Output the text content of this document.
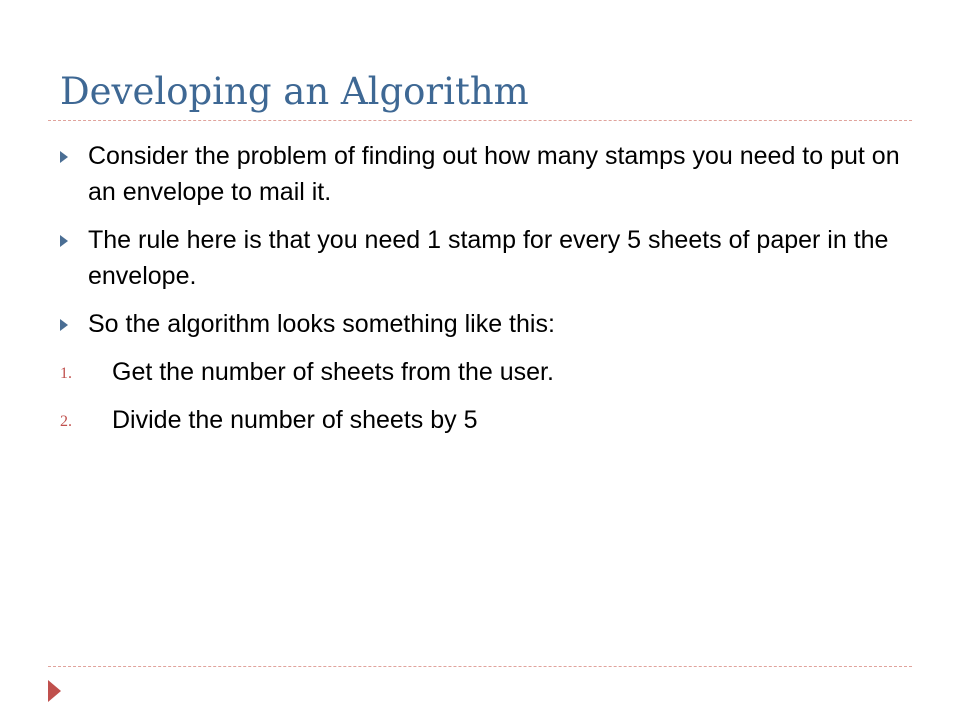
Developing an Algorithm
Consider the problem of finding out how many stamps you need to put on an envelope to mail it.
The rule here is that you need 1 stamp for every 5 sheets of paper in the envelope.
So the algorithm looks something like this:
1. Get the number of sheets from the user.
2. Divide the number of sheets by 5
